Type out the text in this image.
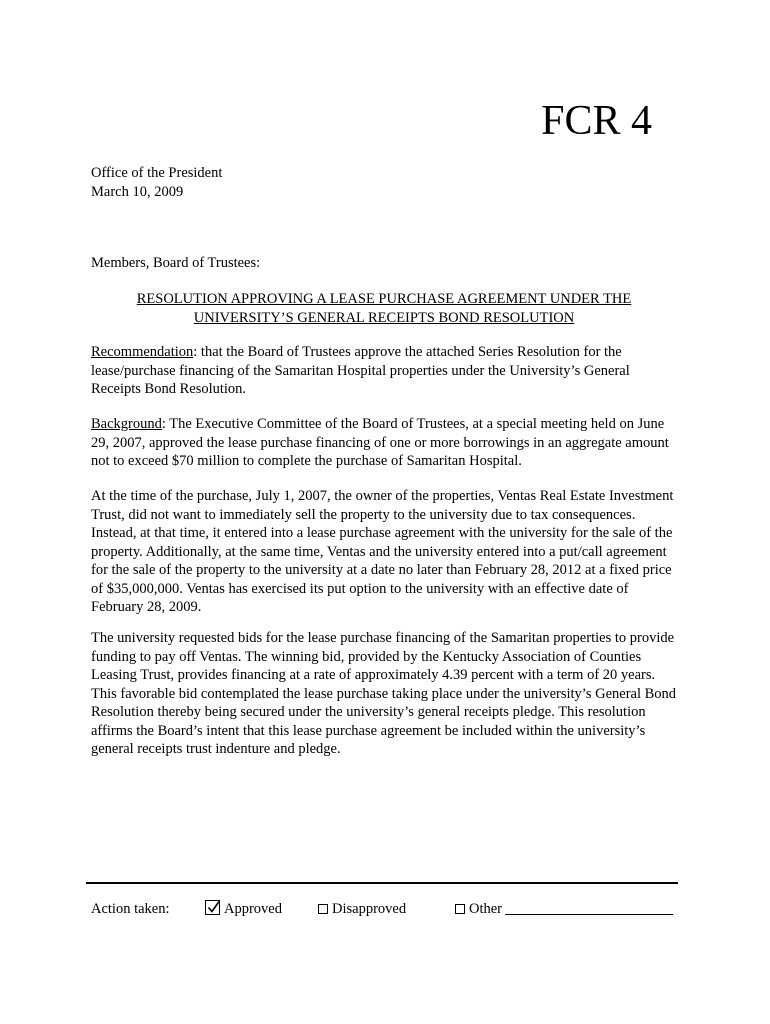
FCR 4
Office of the President
March 10, 2009
Members, Board of Trustees:
RESOLUTION APPROVING A LEASE PURCHASE AGREEMENT UNDER THE
UNIVERSITY’S GENERAL RECEIPTS BOND RESOLUTION

Recommendation: that the Board of Trustees approve the attached Series Resolution for the lease/purchase financing of the Samaritan Hospital properties under the University’s General Receipts Bond Resolution.

Background: The Executive Committee of the Board of Trustees, at a special meeting held on June 29, 2007, approved the lease purchase financing of one or more borrowings in an aggregate amount not to exceed $70 million to complete the purchase of Samaritan Hospital.

At the time of the purchase, July 1, 2007, the owner of the properties, Ventas Real Estate Investment Trust, did not want to immediately sell the property to the university due to tax consequences. Instead, at that time, it entered into a lease purchase agreement with the university for the sale of the property. Additionally, at the same time, Ventas and the university entered into a put/call agreement for the sale of the property to the university at a date no later than February 28, 2012 at a fixed price of $35,000,000. Ventas has exercised its put option to the university with an effective date of February 28, 2009.

The university requested bids for the lease purchase financing of the Samaritan properties to provide funding to pay off Ventas. The winning bid, provided by the Kentucky Association of Counties Leasing Trust, provides financing at a rate of approximately 4.39 percent with a term of 20 years. This favorable bid contemplated the lease purchase taking place under the university’s General Bond Resolution thereby being secured under the university’s general receipts pledge. This resolution affirms the Board’s intent that this lease purchase agreement be included within the university’s general receipts trust indenture and pledge.

Action taken:	Approved	Disapproved	Other
